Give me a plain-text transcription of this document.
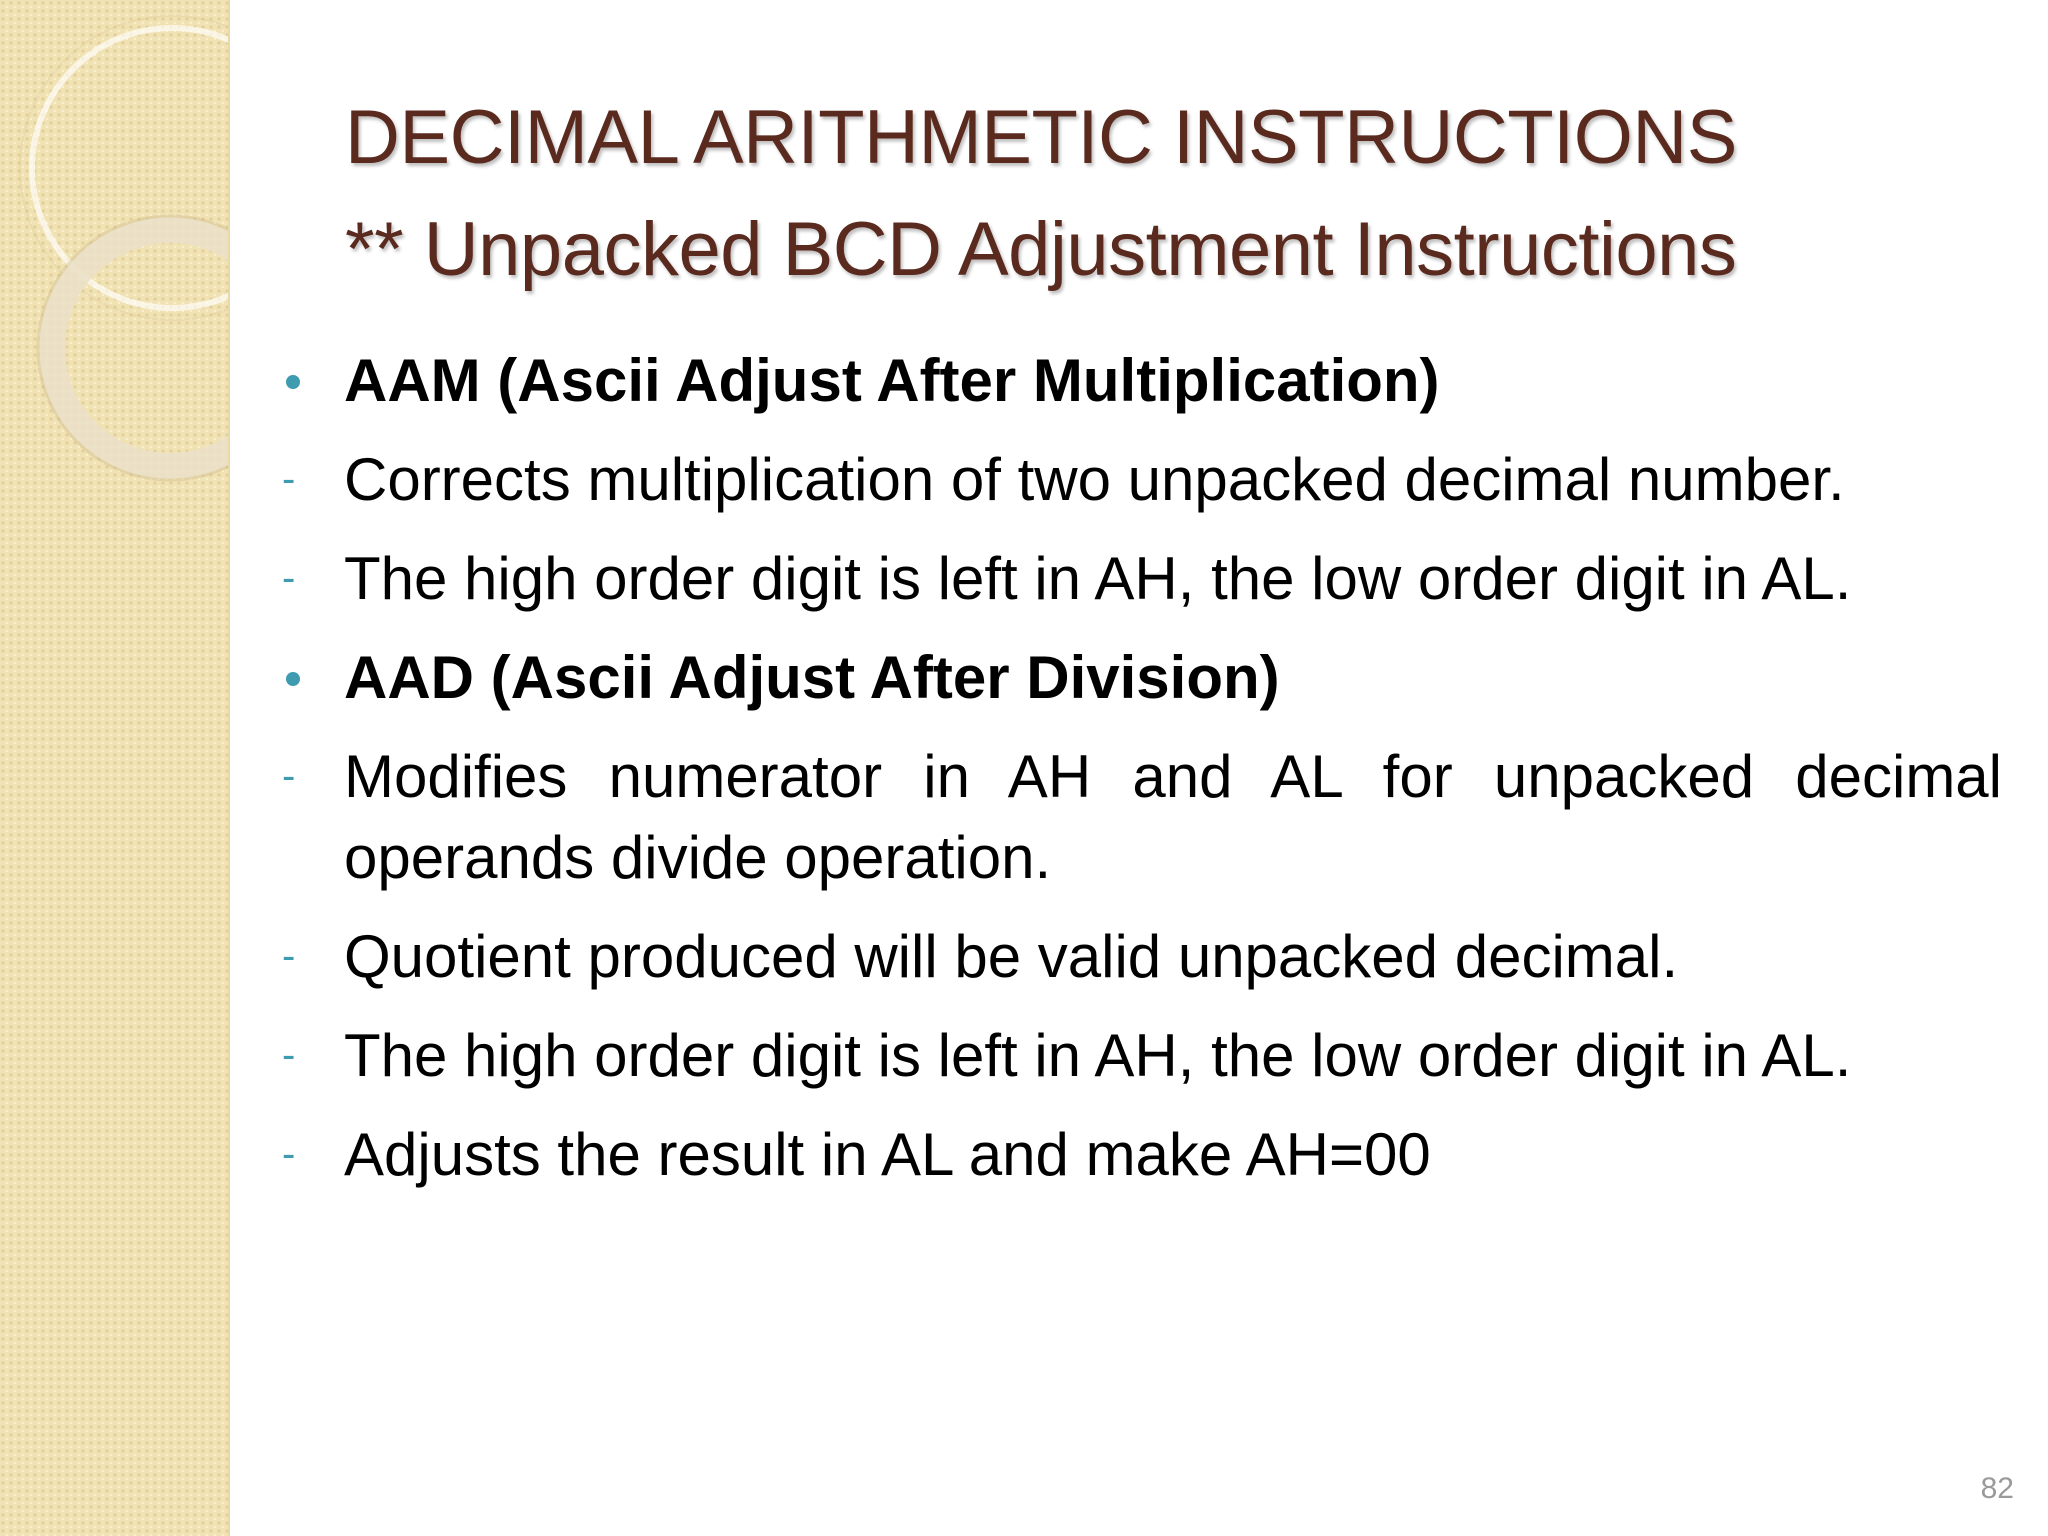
DECIMAL ARITHMETIC INSTRUCTIONS
** Unpacked BCD Adjustment Instructions
AAM (Ascii Adjust After Multiplication)
- Corrects multiplication of two unpacked decimal number.
- The high order digit is left in AH, the low order digit in AL.
AAD (Ascii Adjust After Division)
- Modifies numerator in AH and AL for unpacked decimal operands divide operation.
- Quotient produced will be valid unpacked decimal.
- The high order digit is left in AH, the low order digit in AL.
- Adjusts the result in AL and make AH=00
82
